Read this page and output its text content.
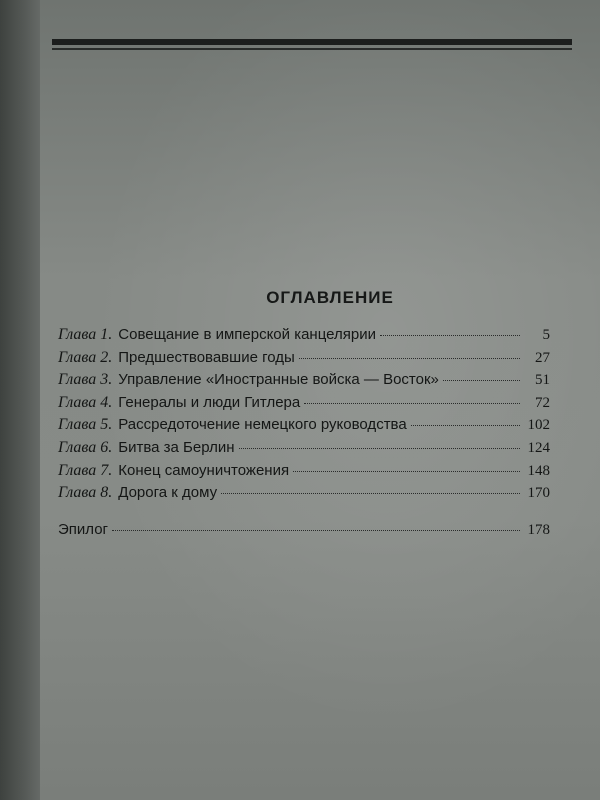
ОГЛАВЛЕНИЕ
Глава 1. Совещание в имперской канцелярии	5
Глава 2. Предшествовавшие годы	27
Глава 3. Управление «Иностранные войска — Восток»	51
Глава 4. Генералы и люди Гитлера	72
Глава 5. Рассредоточение немецкого руководства	102
Глава 6. Битва за Берлин	124
Глава 7. Конец самоуничтожения	148
Глава 8. Дорога к дому	170
Эпилог	178
